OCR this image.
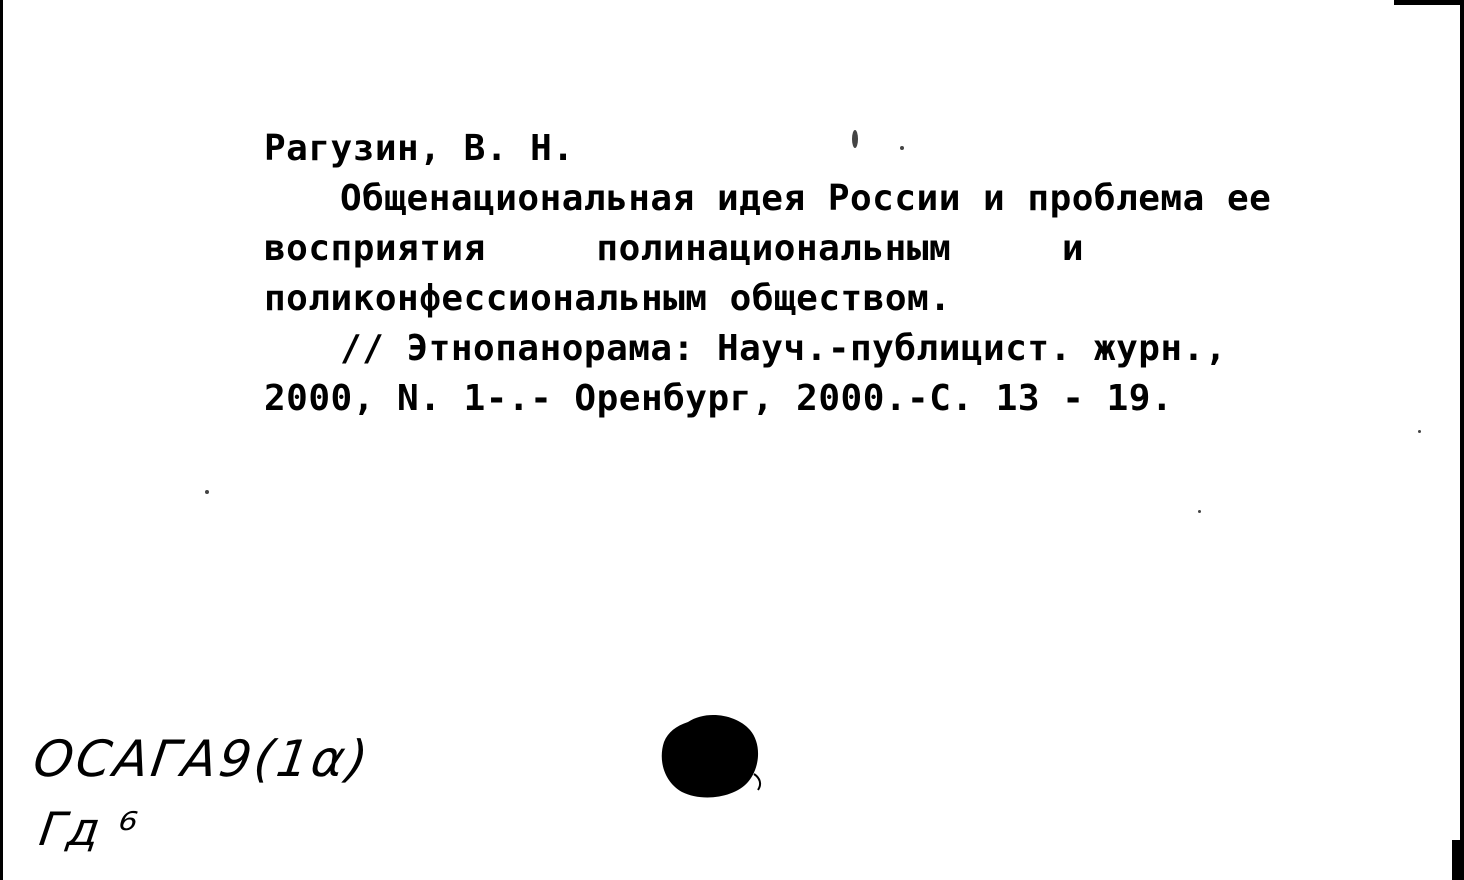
Рагузин, В. Н.
Общенациональная идея России и проблема ее
восприятия	полинациональным	и
поликонфессиональным обществом.
// Этнопанорама: Науч.-публицист. журн.,
2000, N. 1-.- Оренбург, 2000.-С. 13 - 19.
ОСАГА9(1α)
Гд ⁶
